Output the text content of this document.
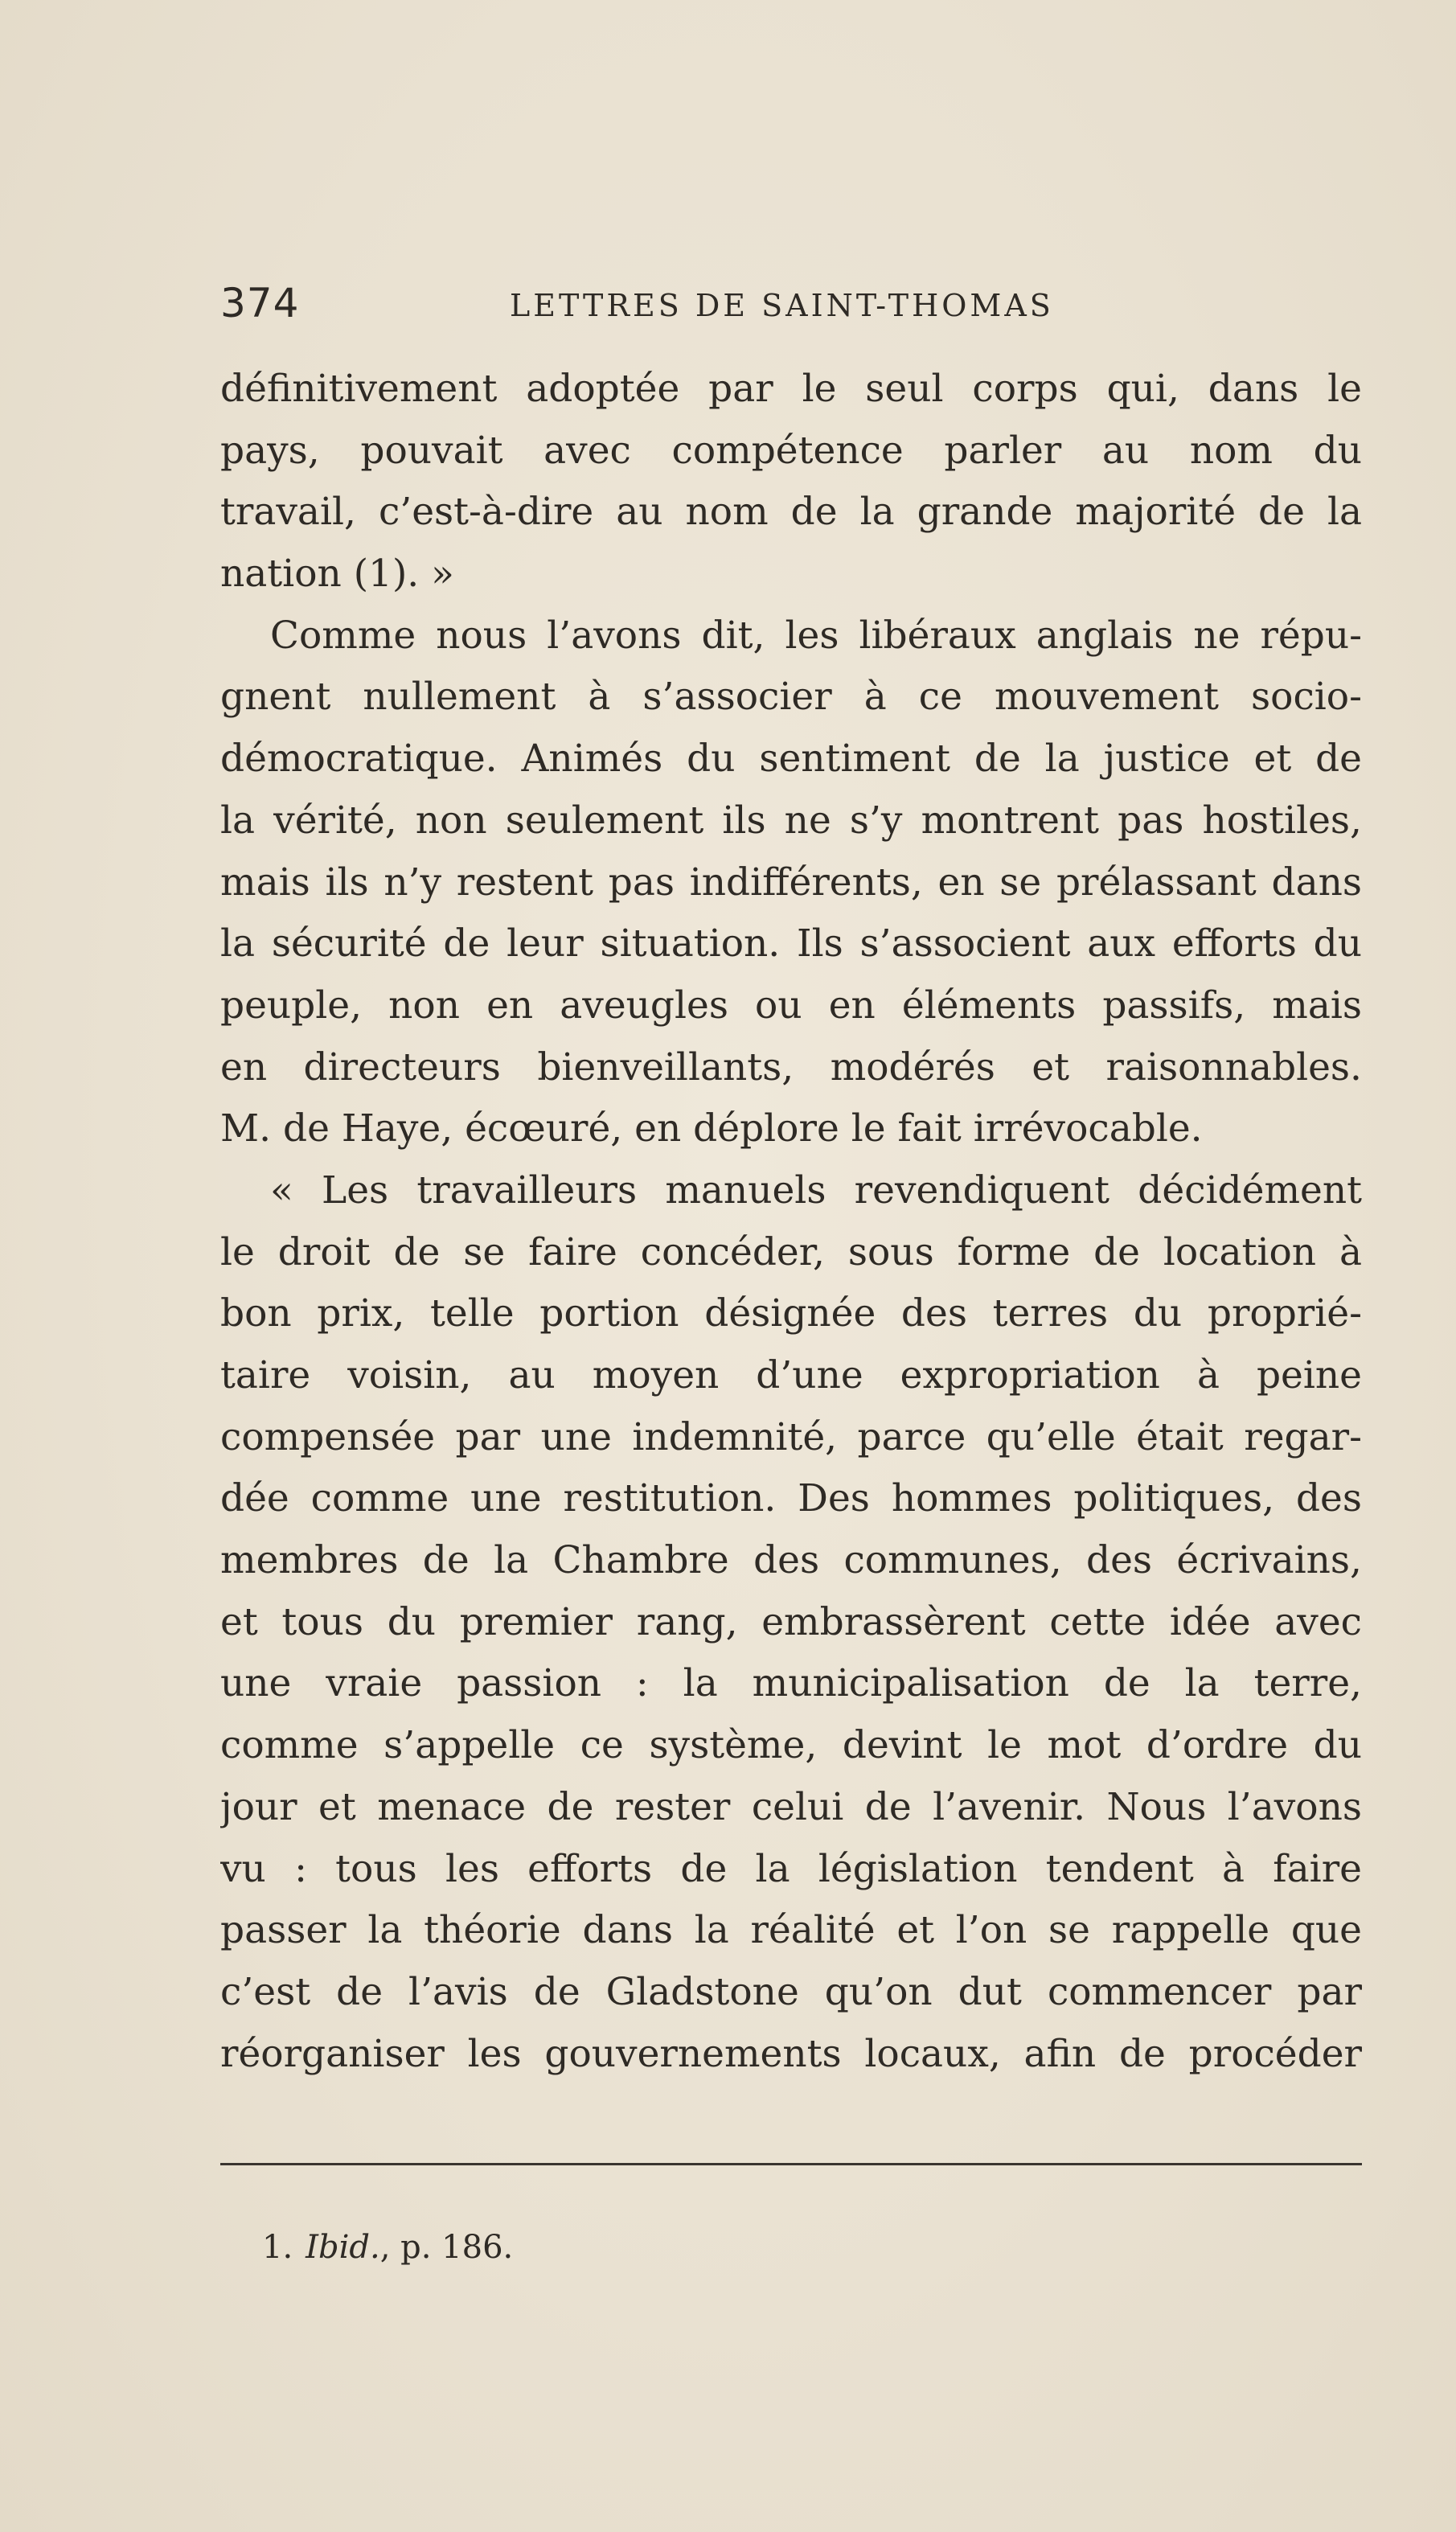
374	LETTRES DE SAINT-THOMAS
définitivement adoptée par le seul corps qui, dans le
pays, pouvait avec compétence parler au nom du
travail, c’est-à-dire au nom de la grande majorité de la
nation (1). »
Comme nous l’avons dit, les libéraux anglais ne répu-
gnent nullement à s’associer à ce mouvement socio-
démocratique. Animés du sentiment de la justice et de
la vérité, non seulement ils ne s’y montrent pas hostiles,
mais ils n’y restent pas indifférents, en se prélassant dans
la sécurité de leur situation. Ils s’associent aux efforts du
peuple, non en aveugles ou en éléments passifs, mais
en directeurs bienveillants, modérés et raisonnables.
M. de Haye, écœuré, en déplore le fait irrévocable.
« Les travailleurs manuels revendiquent décidément
le droit de se faire concéder, sous forme de location à
bon prix, telle portion désignée des terres du proprié-
taire voisin, au moyen d’une expropriation à peine
compensée par une indemnité, parce qu’elle était regar-
dée comme une restitution. Des hommes politiques, des
membres de la Chambre des communes, des écrivains,
et tous du premier rang, embrassèrent cette idée avec
une vraie passion : la municipalisation de la terre,
comme s’appelle ce système, devint le mot d’ordre du
jour et menace de rester celui de l’avenir. Nous l’avons
vu : tous les efforts de la législation tendent à faire
passer la théorie dans la réalité et l’on se rappelle que
c’est de l’avis de Gladstone qu’on dut commencer par
réorganiser les gouvernements locaux, afin de procéder
1. Ibid., p. 186.
